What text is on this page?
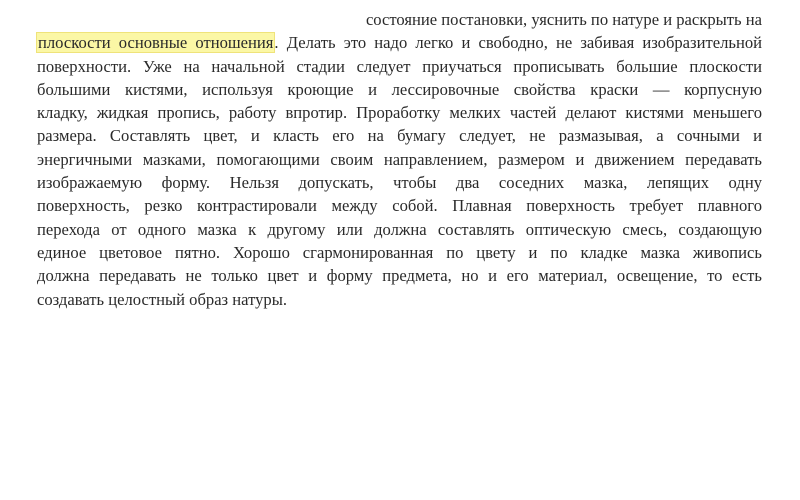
состояние постановки, уяснить по натуре и раскрыть на
плоскости основные отношения. Делать это надо легко и свободно, не забивая изобразительной
поверхности. Уже на начальной стадии следует приучаться прописывать большие плоскости
большими кистями, используя кроющие и лессировочные свойства краски — корпусную
кладку, жидкая пропись, работу впротир. Проработку мелких частей делают кистями меньшего
размера. Составлять цвет, и класть его на бумагу следует, не размазывая, а сочными и
энергичными мазками, помогающими своим направлением, размером и движением передавать
изображаемую форму. Нельзя допускать, чтобы два соседних мазка, лепящих одну
поверхность, резко контрастировали между собой. Плавная поверхность требует плавного
перехода от одного мазка к другому или должна составлять оптическую смесь, создающую
единое цветовое пятно. Хорошо сгармонированная по цвету и по кладке мазка живопись
должна передавать не только цвет и форму предмета, но и его материал, освещение, то есть
создавать целостный образ натуры.
